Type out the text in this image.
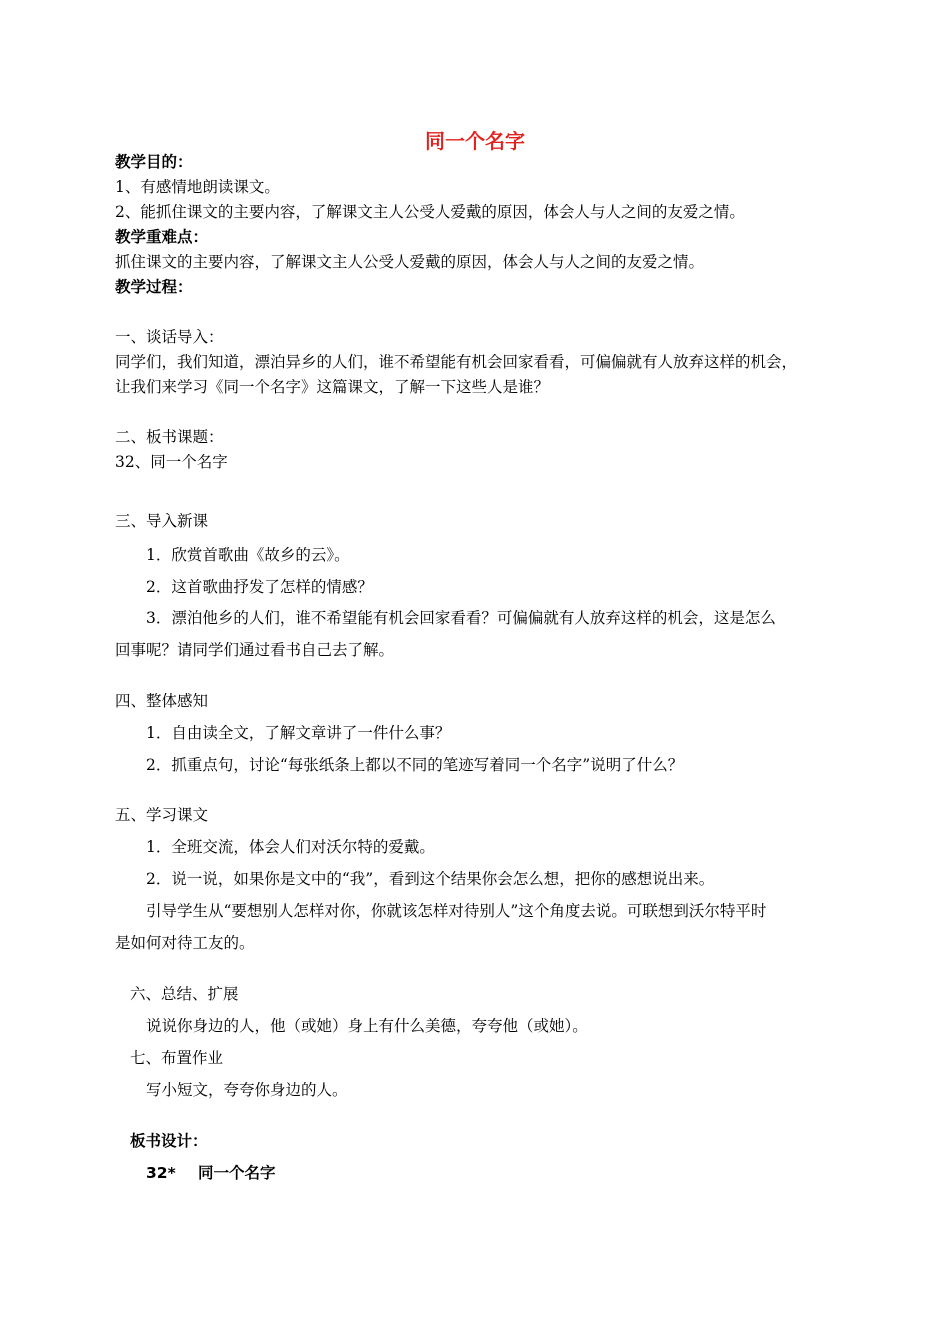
同一个名字
教学目的：
1、有感情地朗读课文。
2、能抓住课文的主要内容，了解课文主人公受人爱戴的原因，体会人与人之间的友爱之情。
教学重难点：
抓住课文的主要内容，了解课文主人公受人爱戴的原因，体会人与人之间的友爱之情。
教学过程：
一、谈话导入：
同学们，我们知道，漂泊异乡的人们，谁不希望能有机会回家看看，可偏偏就有人放弃这样的机会，
让我们来学习《同一个名字》这篇课文，了解一下这些人是谁？
二、板书课题：
32、同一个名字
三、导入新课
1．欣赏首歌曲《故乡的云》。
2．这首歌曲抒发了怎样的情感？
3．漂泊他乡的人们，谁不希望能有机会回家看看？可偏偏就有人放弃这样的机会，这是怎么
回事呢？请同学们通过看书自己去了解。
四、整体感知
1．自由读全文，了解文章讲了一件什么事？
2．抓重点句，讨论“每张纸条上都以不同的笔迹写着同一个名字”说明了什么？
五、学习课文
1．全班交流，体会人们对沃尔特的爱戴。
2．说一说，如果你是文中的“我”，看到这个结果你会怎么想，把你的感想说出来。
引导学生从“要想别人怎样对你，你就该怎样对待别人”这个角度去说。可联想到沃尔特平时
是如何对待工友的。
六、总结、扩展
说说你身边的人，他（或她）身上有什么美德，夸夸他（或她）。
七、布置作业
写小短文，夸夸你身边的人。
板书设计：
32* 同一个名字
